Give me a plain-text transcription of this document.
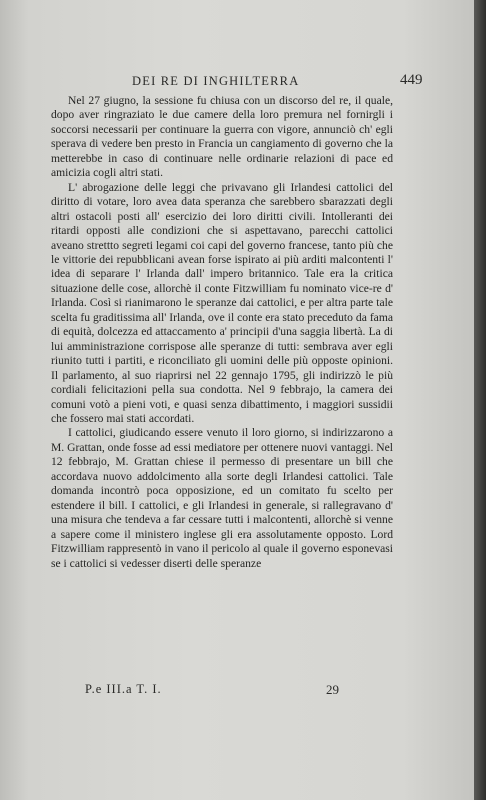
DEI RE DI INGHILTERRA	449

Nel 27 giugno, la sessione fu chiusa con un discorso del re, il quale, dopo aver ringraziato le due camere della loro premura nel fornirgli i soccorsi necessarii per continuare la guerra con vigore, annunciò ch' egli sperava di vedere ben presto in Francia un cangiamento di governo che la metterebbe in caso di continuare nelle ordinarie relazioni di pace ed amicizia cogli altri stati.

L' abrogazione delle leggi che privavano gli Irlandesi cattolici del diritto di votare, loro avea data speranza che sarebbero sbarazzati degli altri ostacoli posti all' esercizio dei loro diritti civili. Intolleranti dei ritardi opposti alle condizioni che si aspettavano, parecchi cattolici aveano strettto segreti legami coi capi del governo francese, tanto più che le vittorie dei repubblicani avean forse ispirato ai più arditi malcontenti l' idea di separare l' Irlanda dall' impero britannico. Tale era la critica situazione delle cose, allorchè il conte Fitzwilliam fu nominato vice-re d' Irlanda. Così si rianimarono le speranze dai cattolici, e per altra parte tale scelta fu graditissima all' Irlanda, ove il conte era stato preceduto da fama di equità, dolcezza ed attaccamento a' principii d'una saggia libertà. La di lui amministrazione corrispose alle speranze di tutti: sembrava aver egli riunito tutti i partiti, e riconciliato gli uomini delle più opposte opinioni. Il parlamento, al suo riaprirsi nel 22 gennajo 1795, gli indirizzò le più cordiali felicitazioni pella sua condotta. Nel 9 febbrajo, la camera dei comuni votò a pieni voti, e quasi senza dibattimento, i maggiori sussidii che fossero mai stati accordati.

I cattolici, giudicando essere venuto il loro giorno, si indirizzarono a M. Grattan, onde fosse ad essi mediatore per ottenere nuovi vantaggi. Nel 12 febbrajo, M. Grattan chiese il permesso di presentare un bill che accordava nuovo addolcimento alla sorte degli Irlandesi cattolici. Tale domanda incontrò poca opposizione, ed un comitato fu scelto per estendere il bill. I cattolici, e gli Irlandesi in generale, si rallegravano d' una misura che tendeva a far cessare tutti i malcontenti, allorchè si venne a sapere come il ministero inglese gli era assolutamente opposto. Lord Fitzwilliam rappresentò in vano il pericolo al quale il governo esponevasi se i cattolici si vedesser diserti delle speranze

P.e III.a T. I.	29
